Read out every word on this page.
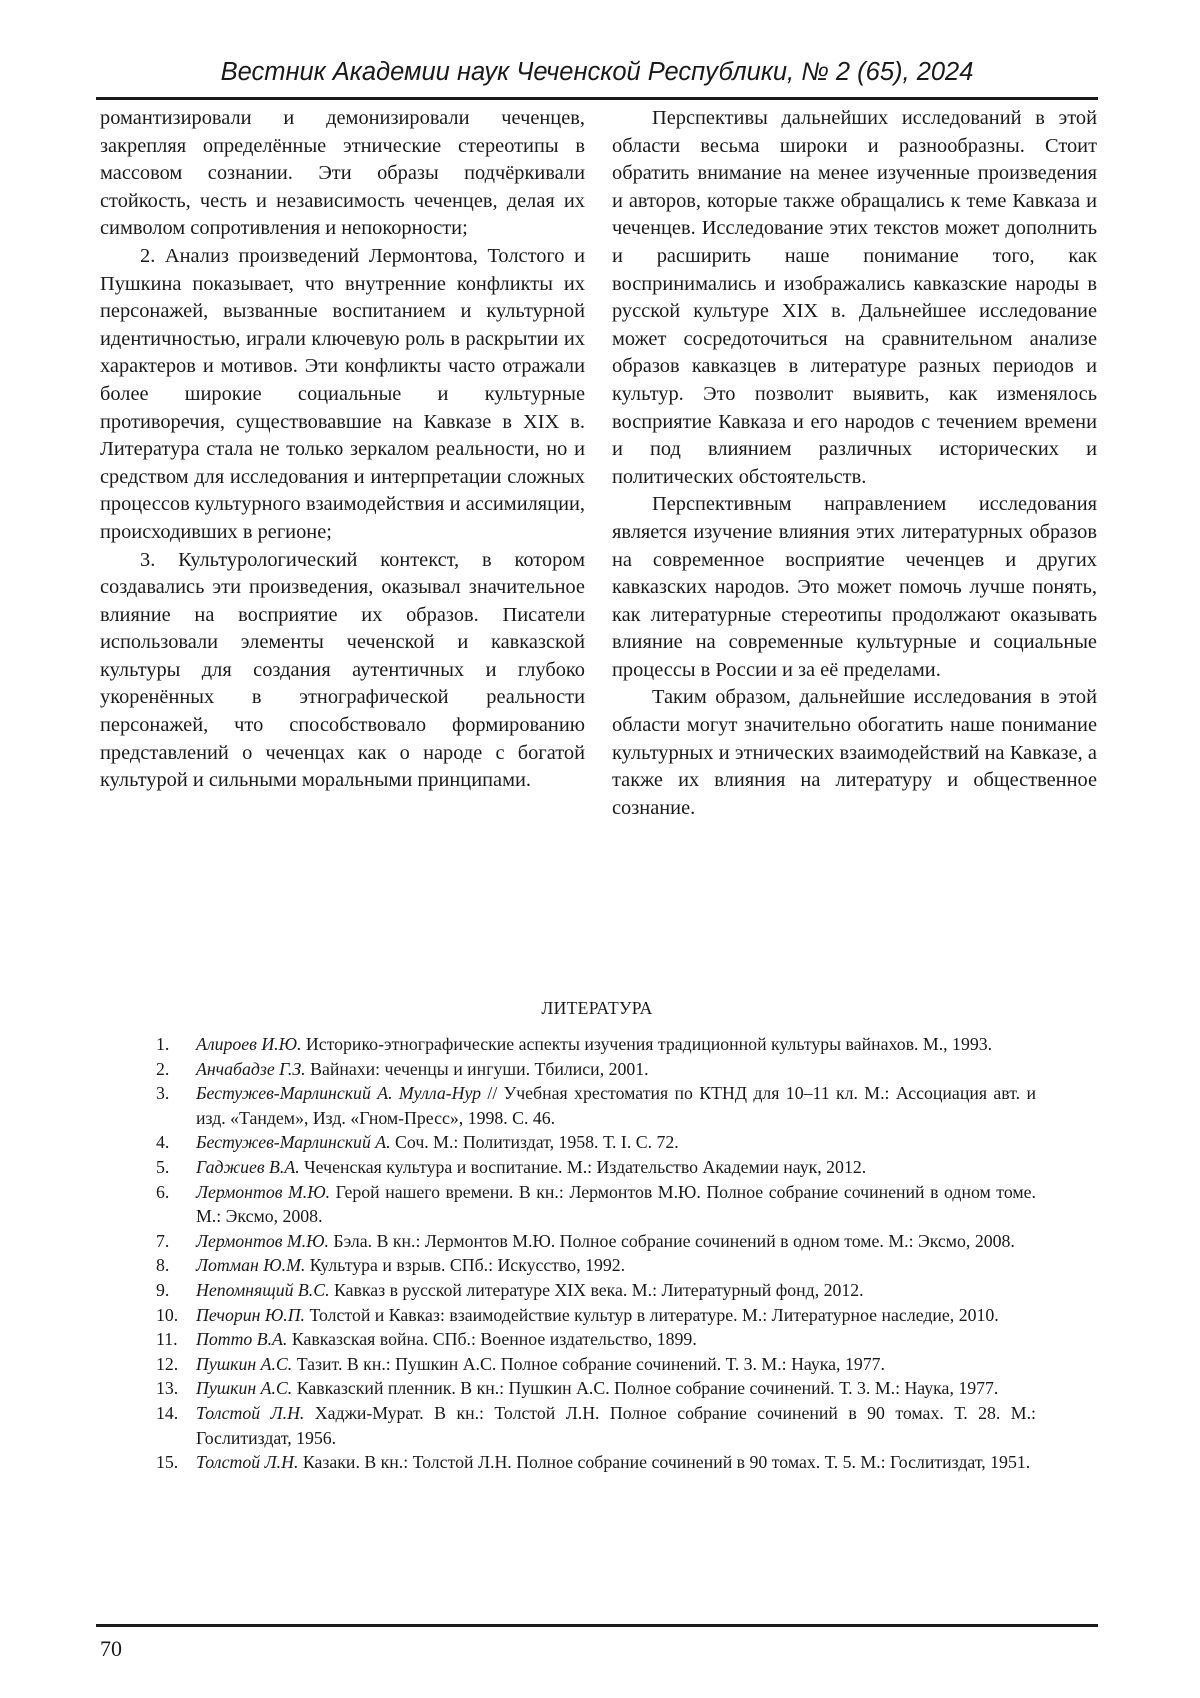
Вестник Академии наук Чеченской Республики, № 2 (65), 2024

романтизировали и демонизировали чеченцев, закрепляя определённые этнические стереотипы в массовом сознании. Эти образы подчёркивали стойкость, честь и независимость чеченцев, делая их символом сопротивления и непокорности;

2. Анализ произведений Лермонтова, Толстого и Пушкина показывает, что внутренние конфликты их персонажей, вызванные воспитанием и культурной идентичностью, играли ключевую роль в раскрытии их характеров и мотивов. Эти конфликты часто отражали более широкие социальные и культурные противоречия, существовавшие на Кавказе в XIX в. Литература стала не только зеркалом реальности, но и средством для исследования и интерпретации сложных процессов культурного взаимодействия и ассимиляции, происходивших в регионе;

3. Культурологический контекст, в котором создавались эти произведения, оказывал значительное влияние на восприятие их образов. Писатели использовали элементы чеченской и кавказской культуры для создания аутентичных и глубоко укоренённых в этнографической реальности персонажей, что способствовало формированию представлений о чеченцах как о народе с богатой культурой и сильными моральными принципами.

Перспективы дальнейших исследований в этой области весьма широки и разнообразны. Стоит обратить внимание на менее изученные произведения и авторов, которые также обращались к теме Кавказа и чеченцев. Исследование этих текстов может дополнить и расширить наше понимание того, как воспринимались и изображались кавказские народы в русской культуре XIX в. Дальнейшее исследование может сосредоточиться на сравнительном анализе образов кавказцев в литературе разных периодов и культур. Это позволит выявить, как изменялось восприятие Кавказа и его народов с течением времени и под влиянием различных исторических и политических обстоятельств.

Перспективным направлением исследования является изучение влияния этих литературных образов на современное восприятие чеченцев и других кавказских народов. Это может помочь лучше понять, как литературные стереотипы продолжают оказывать влияние на современные культурные и социальные процессы в России и за её пределами.

Таким образом, дальнейшие исследования в этой области могут значительно обогатить наше понимание культурных и этнических взаимодействий на Кавказе, а также их влияния на литературу и общественное сознание.

ЛИТЕРАТУРА
1. Алироев И.Ю. Историко-этнографические аспекты изучения традиционной культуры вайнахов. М., 1993.
2. Анчабадзе Г.З. Вайнахи: чеченцы и ингуши. Тбилиси, 2001.
3. Бестужев-Марлинский А. Мулла-Нур // Учебная хрестоматия по КТНД для 10–11 кл. М.: Ассоциация авт. и изд. «Тандем», Изд. «Гном-Пресс», 1998. С. 46.
4. Бестужев-Марлинский А. Соч. М.: Политиздат, 1958. Т. I. С. 72.
5. Гаджиев В.А. Чеченская культура и воспитание. М.: Издательство Академии наук, 2012.
6. Лермонтов М.Ю. Герой нашего времени. В кн.: Лермонтов М.Ю. Полное собрание сочинений в одном томе. М.: Эксмо, 2008.
7. Лермонтов М.Ю. Бэла. В кн.: Лермонтов М.Ю. Полное собрание сочинений в одном томе. М.: Эксмо, 2008.
8. Лотман Ю.М. Культура и взрыв. СПб.: Искусство, 1992.
9. Непомнящий В.С. Кавказ в русской литературе XIX века. М.: Литературный фонд, 2012.
10. Печорин Ю.П. Толстой и Кавказ: взаимодействие культур в литературе. М.: Литературное наследие, 2010.
11. Потто В.А. Кавказская война. СПб.: Военное издательство, 1899.
12. Пушкин А.С. Тазит. В кн.: Пушкин А.С. Полное собрание сочинений. Т. 3. М.: Наука, 1977.
13. Пушкин А.С. Кавказский пленник. В кн.: Пушкин А.С. Полное собрание сочинений. Т. 3. М.: Наука, 1977.
14. Толстой Л.Н. Хаджи-Мурат. В кн.: Толстой Л.Н. Полное собрание сочинений в 90 томах. Т. 28. М.: Гослитиздат, 1956.
15. Толстой Л.Н. Казаки. В кн.: Толстой Л.Н. Полное собрание сочинений в 90 томах. Т. 5. М.: Гослитиздат, 1951.
70
